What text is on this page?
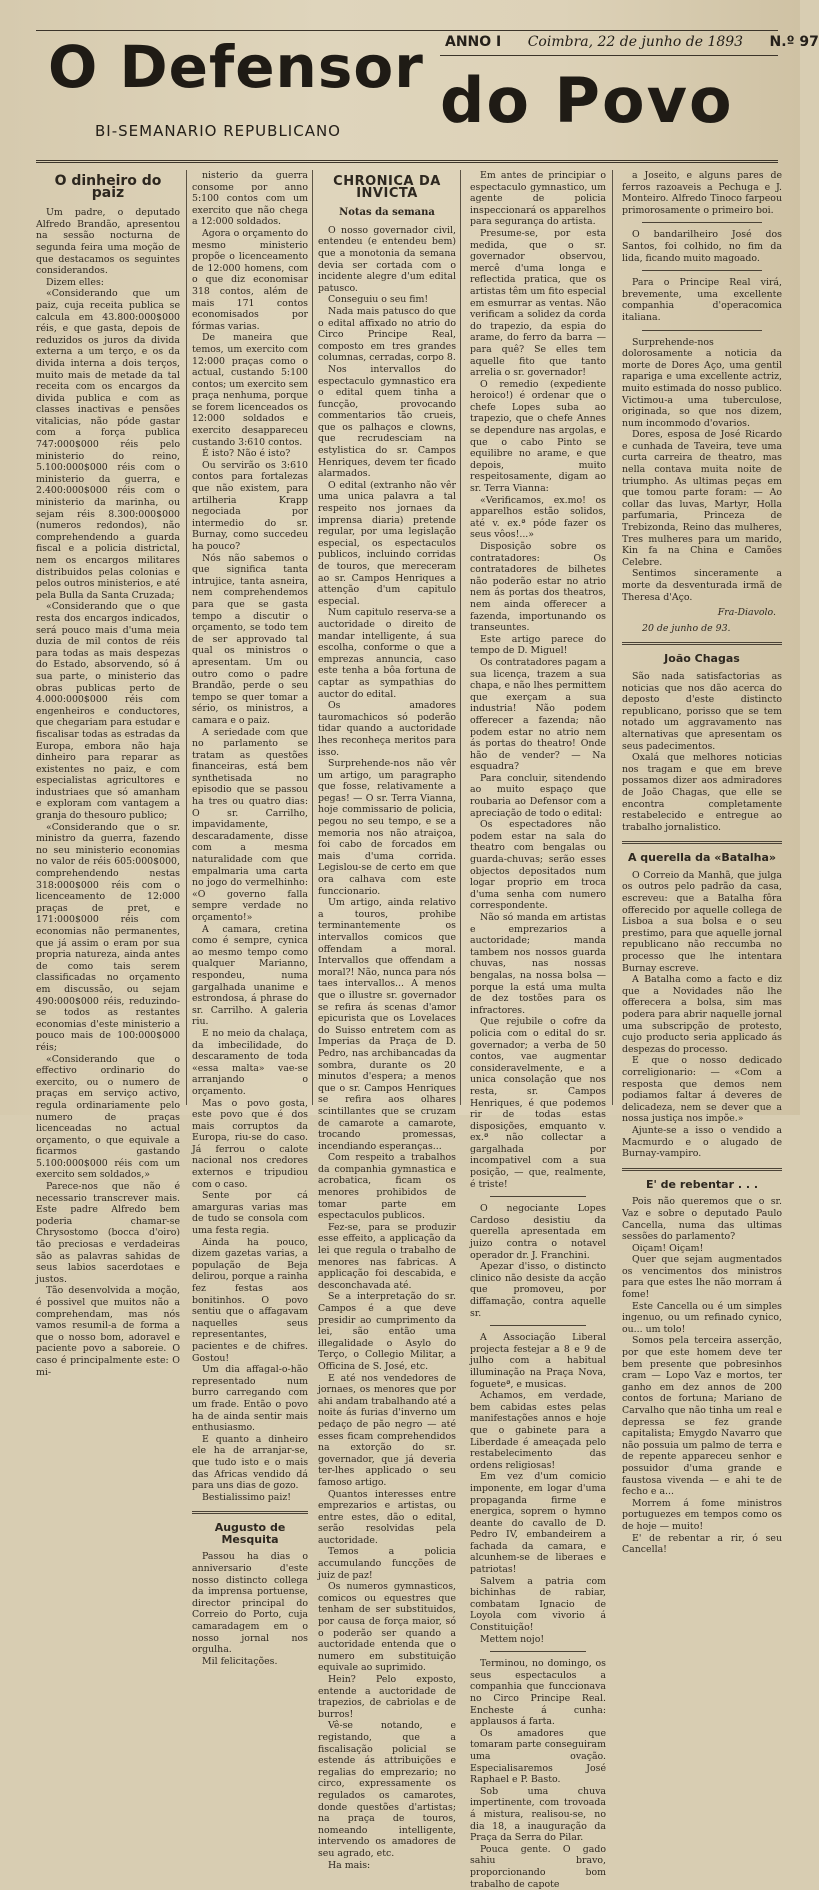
O Defensor do Povo
BI-SEMANARIO REPUBLICANO
ANNO I Coimbra, 22 de junho de 1893 N.º 97
O dinheiro do paiz

Um padre, o deputado Alfredo Brandão, apresentou na sessão nocturna de segunda feira uma moção de que destacamos os seguintes considerandos.

Dizem elles:

«Considerando que um paiz, cuja receita publica se calcula em 43.800:000$000 réis, e que gasta, depois de reduzidos os juros da divida externa a um terço, e os da divida interna a dois terços, muito mais de metade da tal receita com os encargos da divida publica e com as classes inactivas e pensões vitalicias, não póde gastar com a força publica 747:000$000 réis pelo ministerio do reino, 5.100:000$000 réis com o ministerio da guerra, e 2.400:000$000 réis com o ministerio da marinha, ou sejam réis 8.300:000$000 (numeros redondos), não comprehendendo a guarda fiscal e a policia districtal, nem os encargos militares distribuidos pelas colonias e pelos outros ministerios, e até pela Bulla da Santa Cruzada;

«Considerando que o que resta dos encargos indicados, será pouco mais d'uma meia duzia de mil contos de réis para todas as mais despezas do Estado, absorvendo, só á sua parte, o ministerio das obras publicas perto de 4.000:000$000 réis com engenheiros e conductores, que chegariam para estudar e fiscalisar todas as estradas da Europa, embora não haja dinheiro para reparar as existentes no paiz, e com especialistas agricultores e industriaes que só amanham e exploram com vantagem a granja do thesouro publico;

«Considerando que o sr. ministro da guerra, fazendo no seu ministerio economias no valor de réis 605:000$000, comprehendendo nestas 318:000$000 réis com o licenceamento de 12:000 praças de pret, e 171:000$000 réis com economias não permanentes, que já assim o eram por sua propria natureza, ainda antes de como tais serem classificadas no orçamento em discussão, ou sejam 490:000$000 réis, reduzindo-se todos as restantes economias d'este ministerio a pouco mais de 100:000$000 réis;

«Considerando que o effectivo ordinario do exercito, ou o numero de praças em serviço activo, regula ordinariamente pelo numero de praças licenceadas no actual orçamento, o que equivale a ficarmos gastando 5.100:000$000 réis com um exercito sem soldados,»

Parece-nos que não é necessario transcrever mais. Este padre Alfredo bem poderia chamar-se Chrysostomo (bocca d'oiro) tão preciosas e verdadeiras são as palavras sahidas de seus labios sacerdotaes e justos.

Tão desenvolvida a moção, é possivel que muitos não a comprehendam, mas nós vamos resumil-a de forma a que o nosso bom, adoravel e paciente povo a saboreie. O caso é principalmente este: O mi-

nisterio da guerra consome por anno 5:100 contos com um exercito que não chega a 12:000 soldados.

Agora o orçamento do mesmo ministerio propõe o licenceamento de 12:000 homens, com o que diz economisar 318 contos, além de mais 171 contos economisados por fórmas varias.

De maneira que temos, um exercito com 12:000 praças como o actual, custando 5:100 contos; um exercito sem praça nenhuma, porque se forem licenceados os 12:000 soldados e exercito desappareceu custando 3:610 contos.

É isto? Não é isto?

Ou servirão os 3:610 contos para fortalezas que não existem, para artilheria Krapp negociada por intermedio do sr. Burnay, como succedeu ha pouco?

Nós não sabemos o que significa tanta intrujice, tanta asneira, nem comprehendemos para que se gasta tempo a discutir o orçamento, se todo tem de ser approvado tal qual os ministros o apresentam. Um ou outro como o padre Brandão, perde o seu tempo se quer tomar a sério, os ministros, a camara e o paiz.

A seriedade com que no parlamento se tratam as questões financeiras, está bem synthetisada no episodio que se passou ha tres ou quatro dias: O sr. Carrilho, impavidamente, descaradamente, disse com a mesma naturalidade com que empalmaria uma carta no jogo do vermelhinho: «O governo falla sempre verdade no orçamento!»

A camara, cretina como é sempre, cynica ao mesmo tempo como qualquer Marianno, respondeu, numa gargalhada unanime e estrondosa, á phrase do sr. Carrilho. A galeria riu.

E no meio da chalaça, da imbecilidade, do descaramento de toda «essa malta» vae-se arranjando o orçamento.

Mas o povo gosta, este povo que é dos mais corruptos da Europa, riu-se do caso. Já ferrou o calote nacional nos credores externos e tripudiou com o caso.

Sente por cá amarguras varias mas de tudo se consola com uma festa regia.

Ainda ha pouco, dizem gazetas varias, a população de Beja delirou, porque a rainha fez festas aos bonitinhos. O povo sentiu que o affagavam naquelles seus representantes, pacientes e de chifres. Gostou!

Um dia affagal-o-hão representado num burro carregando com um frade. Então o povo ha de ainda sentir mais enthusiasmo.

E quanto a dinheiro ele ha de arranjar-se, que tudo isto e o mais das Africas vendido dá para uns dias de gozo.

Bestialissimo paiz!

Augusto de Mesquita

Passou ha dias o anniversario d'este nosso distincto collega da imprensa portuense, director principal do Correio do Porto, cuja camaradagem em o nosso jornal nos orgulha.

Mil felicitações.

CHRONICA DA INVICTA
Notas da semana

O nosso governador civil, entendeu (e entendeu bem) que a monotonia da semana devia ser cortada com o incidente alegre d'um edital patusco.

Conseguiu o seu fim!

Nada mais patusco do que o edital affixado no atrio do Circo Principe Real, composto em tres grandes columnas, cerradas, corpo 8.

Nos intervallos do espectaculo gymnastico era o edital quem tinha a funcção, provocando commentarios tão crueis, que os palhaços e clowns, que recrudesciam na estylistica do sr. Campos Henriques, devem ter ficado alarmados.

O edital (extranho não vêr uma unica palavra a tal respeito nos jornaes da imprensa diaria) pretende regular, por uma legislação especial, os espectaculos publicos, incluindo corridas de touros, que mereceram ao sr. Campos Henriques a attenção d'um capitulo especial.

Num capitulo reserva-se a auctoridade o direito de mandar intelligente, á sua escolha, conforme o que a emprezas annuncia, caso este tenha a bôa fortuna de captar as sympathias do auctor do edital.

Os amadores tauromachicos só poderão tidar quando a auctoridade lhes reconheça meritos para isso.

Surprehende-nos não vêr um artigo, um paragrapho que fosse, relativamente a pegas! — O sr. Terra Vianna, hoje commissario de policia, pegou no seu tempo, e se a memoria nos não atraiçoa, foi cabo de forcados em mais d'uma corrida. Legislou-se de certo em que ora calhava com este funccionario.

Um artigo, ainda relativo a touros, prohibe terminantemente os intervallos comicos que offendam a moral. Intervallos que offendam a moral?! Não, nunca para nós taes intervallos... A menos que o illustre sr. governador se refira ás scenas d'amor epicurista que os Lovelaces do Suisso entretem com as Imperias da Praça de D. Pedro, nas archibancadas da sombra, durante os 20 minutos d'espera; a menos que o sr. Campos Henriques se refira aos olhares scintillantes que se cruzam de camarote a camarote, trocando promessas, incendiando esperanças...

Com respeito a trabalhos da companhia gymnastica e acrobatica, ficam os menores prohibidos de tomar parte em espectaculos publicos.

Fez-se, para se produzir esse effeito, a applicação da lei que regula o trabalho de menores nas fabricas. A applicação foi descabida, e desconchavada até.

Se a interpretação do sr. Campos é a que deve presidir ao cumprimento da lei, são então uma illegalidade o Asylo do Terço, o Collegio Militar, a Officina de S. José, etc.

E até nos vendedores de jornaes, os menores que por ahi andam trabalhando até a noite ás furias d'inverno um pedaço de pão negro — até esses ficam comprehendidos na extorção do sr. governador, que já deveria ter-lhes applicado o seu famoso artigo.

Quantos interesses entre emprezarios e artistas, ou entre estes, dão o edital, serão resolvidas pela auctoridade.

Temos a policia accumulando funcções de juiz de paz!

Os numeros gymnasticos, comicos ou equestres que tenham de ser substituidos, por causa de força maior, só o poderão ser quando a auctoridade entenda que o numero em substituição equivale ao suprimido.

Hein? Pelo exposto, entende a auctoridade de trapezios, de cabriolas e de burros!

Vê-se notando, e registando, que a fiscalisação policial se estende ás attribuições e regalias do emprezario; no circo, expressamente os regulados os camarotes, donde questões d'artistas; na praça de touros, nomeando intelligente, intervendo os amadores de seu agrado, etc.

Ha mais:

Em antes de principiar o espectaculo gymnastico, um agente de policia inspeccionará os apparelhos para segurança do artista.

Presume-se, por esta medida, que o sr. governador observou, mercê d'uma longa e reflectida pratica, que os artistas têm um fito especial em esmurrar as ventas. Não verificam a solidez da corda do trapezio, da espia do arame, do ferro da barra — para quê? Se elles tem aquelle fito que tanto arrelia o sr. governador!

O remedio (expediente heroico!) é ordenar que o chefe Lopes suba ao trapezio, que o chefe Annes se dependure nas argolas, e que o cabo Pinto se equilibre no arame, e que depois, muito respeitosamente, digam ao sr. Terra Vianna:

«Verificamos, ex.mo! os apparelhos estão solidos, até v. ex.ª póde fazer os seus vôos!...»

Disposição sobre os contratadores: Os contratadores de bilhetes não poderão estar no atrio nem ás portas dos theatros, nem ainda offerecer a fazenda, importunando os transeuntes.

Este artigo parece do tempo de D. Miguel!

Os contratadores pagam a sua licença, trazem a sua chapa, e não lhes permittem que exerçam a sua industria! Não podem offerecer a fazenda; não podem estar no atrio nem ás portas do theatro! Onde hão de vender? — Na esquadra?

Para concluir, sitendendo ao muito espaço que roubaria ao Defensor com a apreciação de todo o edital:

Os espectadores não podem estar na sala do theatro com bengalas ou guarda-chuvas; serão esses objectos depositados num logar proprio em troca d'uma senha com numero correspondente.

Não só manda em artistas e emprezarios a auctoridade; manda tambem nos nossos guarda chuvas, nas nossas bengalas, na nossa bolsa — porque la está uma multa de dez tostões para os infractores.

Que rejubile o cofre da policia com o edital do sr. governador; a verba de 50 contos, vae augmentar consideravelmente, e a unica consolação que nos resta, sr. Campos Henriques, é que podemos rir de todas estas disposições, emquanto v. ex.ª não collectar a gargalhada por incompativel com a sua posição, — que, realmente, é triste!

O negociante Lopes Cardoso desistiu da querella apresentada em juizo contra o notavel operador dr. J. Franchini.

Apezar d'isso, o distincto clinico não desiste da acção que promoveu, por diffamação, contra aquelle sr.

A Associação Liberal projecta festejar a 8 e 9 de julho com a habitual illuminação na Praça Nova, fogueteª, e musicas.

Achamos, em verdade, bem cabidas estes pelas manifestações annos e hoje que o gabinete para a Liberdade é ameaçada pelo restabelecimento das ordens religiosas!

Em vez d'um comicio imponente, em logar d'uma propaganda firme e energica, soprem o hymno deante do cavallo de D. Pedro IV, embandeirem a fachada da camara, e alcunhem-se de liberaes e patriotas!

Salvem a patria com bichinhas de rabiar, combatam Ignacio de Loyola com vivorio á Constituição!

Mettem nojo!

Terminou, no domingo, os seus espectaculos a companhia que funccionava no Circo Principe Real. Encheste á cunha: applausos á farta.

Os amadores que tomaram parte conseguiram uma ovação. Especialisaremos José Raphael e P. Basto.

Sob uma chuva impertinente, com trovoada á mistura, realisou-se, no dia 18, a inauguração da Praça da Serra do Pilar.

Pouca gente. O gado sahiu bravo, proporcionando bom trabalho de capote

a Joseito, e alguns pares de ferros razoaveis a Pechuga e J. Monteiro. Alfredo Tinoco farpeou primorosamente o primeiro boi.

O bandarilheiro José dos Santos, foi colhido, no fim da lida, ficando muito magoado.

Para o Principe Real virá, brevemente, uma excellente companhia d'operacomica italiana.

Surprehende-nos dolorosamente a noticia da morte de Dores Aço, uma gentil rapariga e uma excellente actriz, muito estimada do nosso publico. Victimou-a uma tuberculose, originada, so que nos dizem, num incommodo d'ovarios.

Dores, esposa de José Ricardo e cunhada de Taveira, teve uma curta carreira de theatro, mas nella contava muita noite de triumpho. As ultimas peças em que tomou parte foram: — Ao collar das luvas, Martyr, Holla parfumaria, Princeza de Trebizonda, Reino das mulheres, Tres mulheres para um marido, Kin fa na China e Camões Celebre.

Sentimos sinceramente a morte da desventurada irmã de Theresa d'Aço.

Fra-Diavolo.
20 de junho de 93.
João Chagas

São nada satisfactorias as noticias que nos dão acerca do deposto d'este distincto republicano, porisso que se tem notado um aggravamento nas alternativas que apresentam os seus padecimentos.

Oxalá que melhores noticias nos tragam e que em breve possamos dizer aos admiradores de João Chagas, que elle se encontra completamente restabelecido e entregue ao trabalho jornalistico.

A querella da «Batalha»

O Correio da Manhã, que julga os outros pelo padrão da casa, escreveu: que a Batalha fôra offerecido por aquelle collega de Lisboa a sua bolsa e o seu prestimo, para que aquelle jornal republicano não reccumba no processo que lhe intentara Burnay escreve.

A Batalha como a facto e diz que a Novidades não lhe offerecera a bolsa, sim mas podera para abrir naquelle jornal uma subscripção de protesto, cujo producto seria applicado ás despezas do processo.

E que o nosso dedicado correligionario: — «Com a resposta que demos nem podiamos faltar á deveres de delicadeza, nem se dever que a nossa justiça nos impõe.»

Ajunte-se a isso o vendido a Macmurdo e o alugado de Burnay-vampiro.

E' de rebentar . . .

Pois não queremos que o sr. Vaz e sobre o deputado Paulo Cancella, numa das ultimas sessões do parlamento?

Oiçam! Oiçam!

Quer que sejam augmentados os vencimentos dos ministros para que estes lhe não morram á fome!

Este Cancella ou é um simples ingenuo, ou um refinado cynico, ou... um tolo!

Somos pela terceira asserção, por que este homem deve ter bem presente que pobresinhos cram — Lopo Vaz e mortos, ter ganho em dez annos de 200 contos de fortuna; Mariano de Carvalho que não tinha um real e depressa se fez grande capitalista; Emygdo Navarro que não possuia um palmo de terra e de repente appareceu senhor e possuidor d'uma grande e faustosa vivenda — e ahi te de fecho e a...

Morrem á fome ministros portuguezes em tempos como os de hoje — muito!

E' de rebentar a rir, ó seu Cancella!
